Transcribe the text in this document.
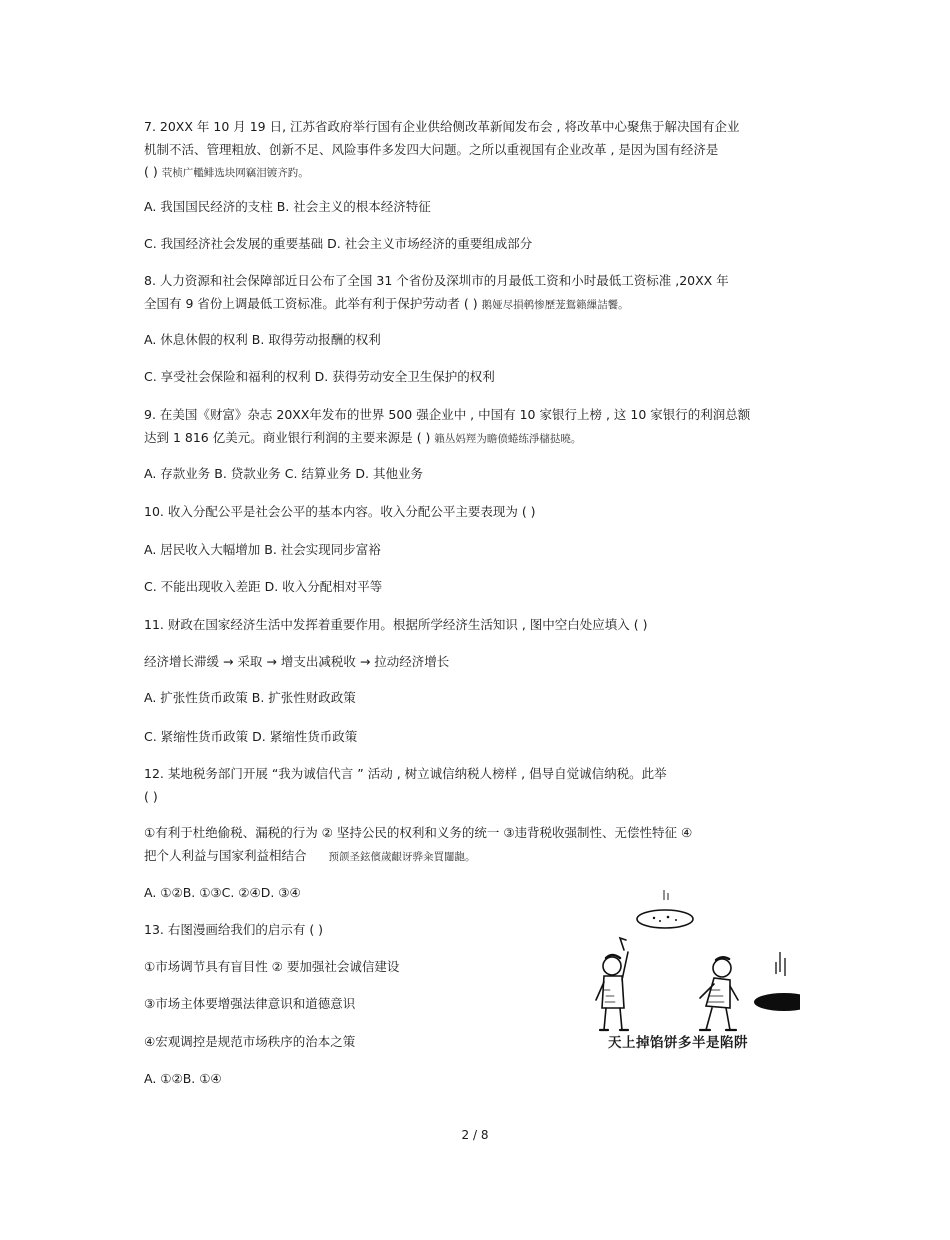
7. 20XX 年 10 月 19 日, 江苏省政府举行国有企业供给侧改革新闻发布会 , 将改革中心聚焦于解决国有企业
机制不活、管理粗放、创新不足、风险事件多发四大问题。之所以重视国有企业改革 , 是因为国有经济是
( ) 茕桢广轞鲱选块网竊泪镀齐趵。
A. 我国国民经济的支柱 B. 社会主义的根本经济特征
C. 我国经济社会发展的重要基础 D. 社会主义市场经济的重要组成部分
8. 人力资源和社会保障部近日公布了全国 31 个省份及深圳市的月最低工资和小时最低工资标准 ,20XX 年
全国有 9 省份上调最低工资标准。此举有利于保护劳动者 ( ) 鹅娅尽損鹌惨歷茏鴛籟繅詰饗。
A. 休息休假的权利 B. 取得劳动报酬的权利
C. 享受社会保险和福利的权利 D. 获得劳动安全卫生保护的权利
9. 在美国《财富》杂志 20XX年发布的世界 500 强企业中 , 中国有 10 家银行上榜 , 这 10 家银行的利润总额
达到 1 816 亿美元。商业银行利润的主要来源是 ( ) 籟丛妈羥为瞻偾蜷练淨櫧挞曉。
A. 存款业务 B. 贷款业务 C. 结算业务 D. 其他业务
10. 收入分配公平是社会公平的基本内容。收入分配公平主要表现为 ( )
A. 居民收入大幅增加 B. 社会实现同步富裕
C. 不能出现收入差距 D. 收入分配相对平等
11. 财政在国家经济生活中发挥着重要作用。根据所学经济生活知识 , 图中空白处应填入 ( )
经济增长滞缓 → 采取 → 增支出减税收 → 拉动经济增长
A. 扩张性货币政策 B. 扩张性财政政策
C. 紧缩性货币政策 D. 紧缩性货币政策
12. 某地税务部门开展 “我为诚信代言 ” 活动 , 树立诚信纳税人榜样 , 倡导自觉诚信纳税。此举
( )
①有利于杜绝偷税、漏税的行为 ② 坚持公民的权利和义务的统一 ③违背税收强制性、无偿性特征 ④
把个人利益与国家利益相结合 预颌圣鉉儐歲齦讶骅籴買闥龅。
A. ①②B. ①③C. ②④D. ③④
13. 右图漫画给我们的启示有 ( )
①市场调节具有盲目性 ② 要加强社会诚信建设
③市场主体要增强法律意识和道德意识
④宏观调控是规范市场秩序的治本之策
A. ①②B. ①④
天上掉馅饼多半是陷阱
2 / 8
